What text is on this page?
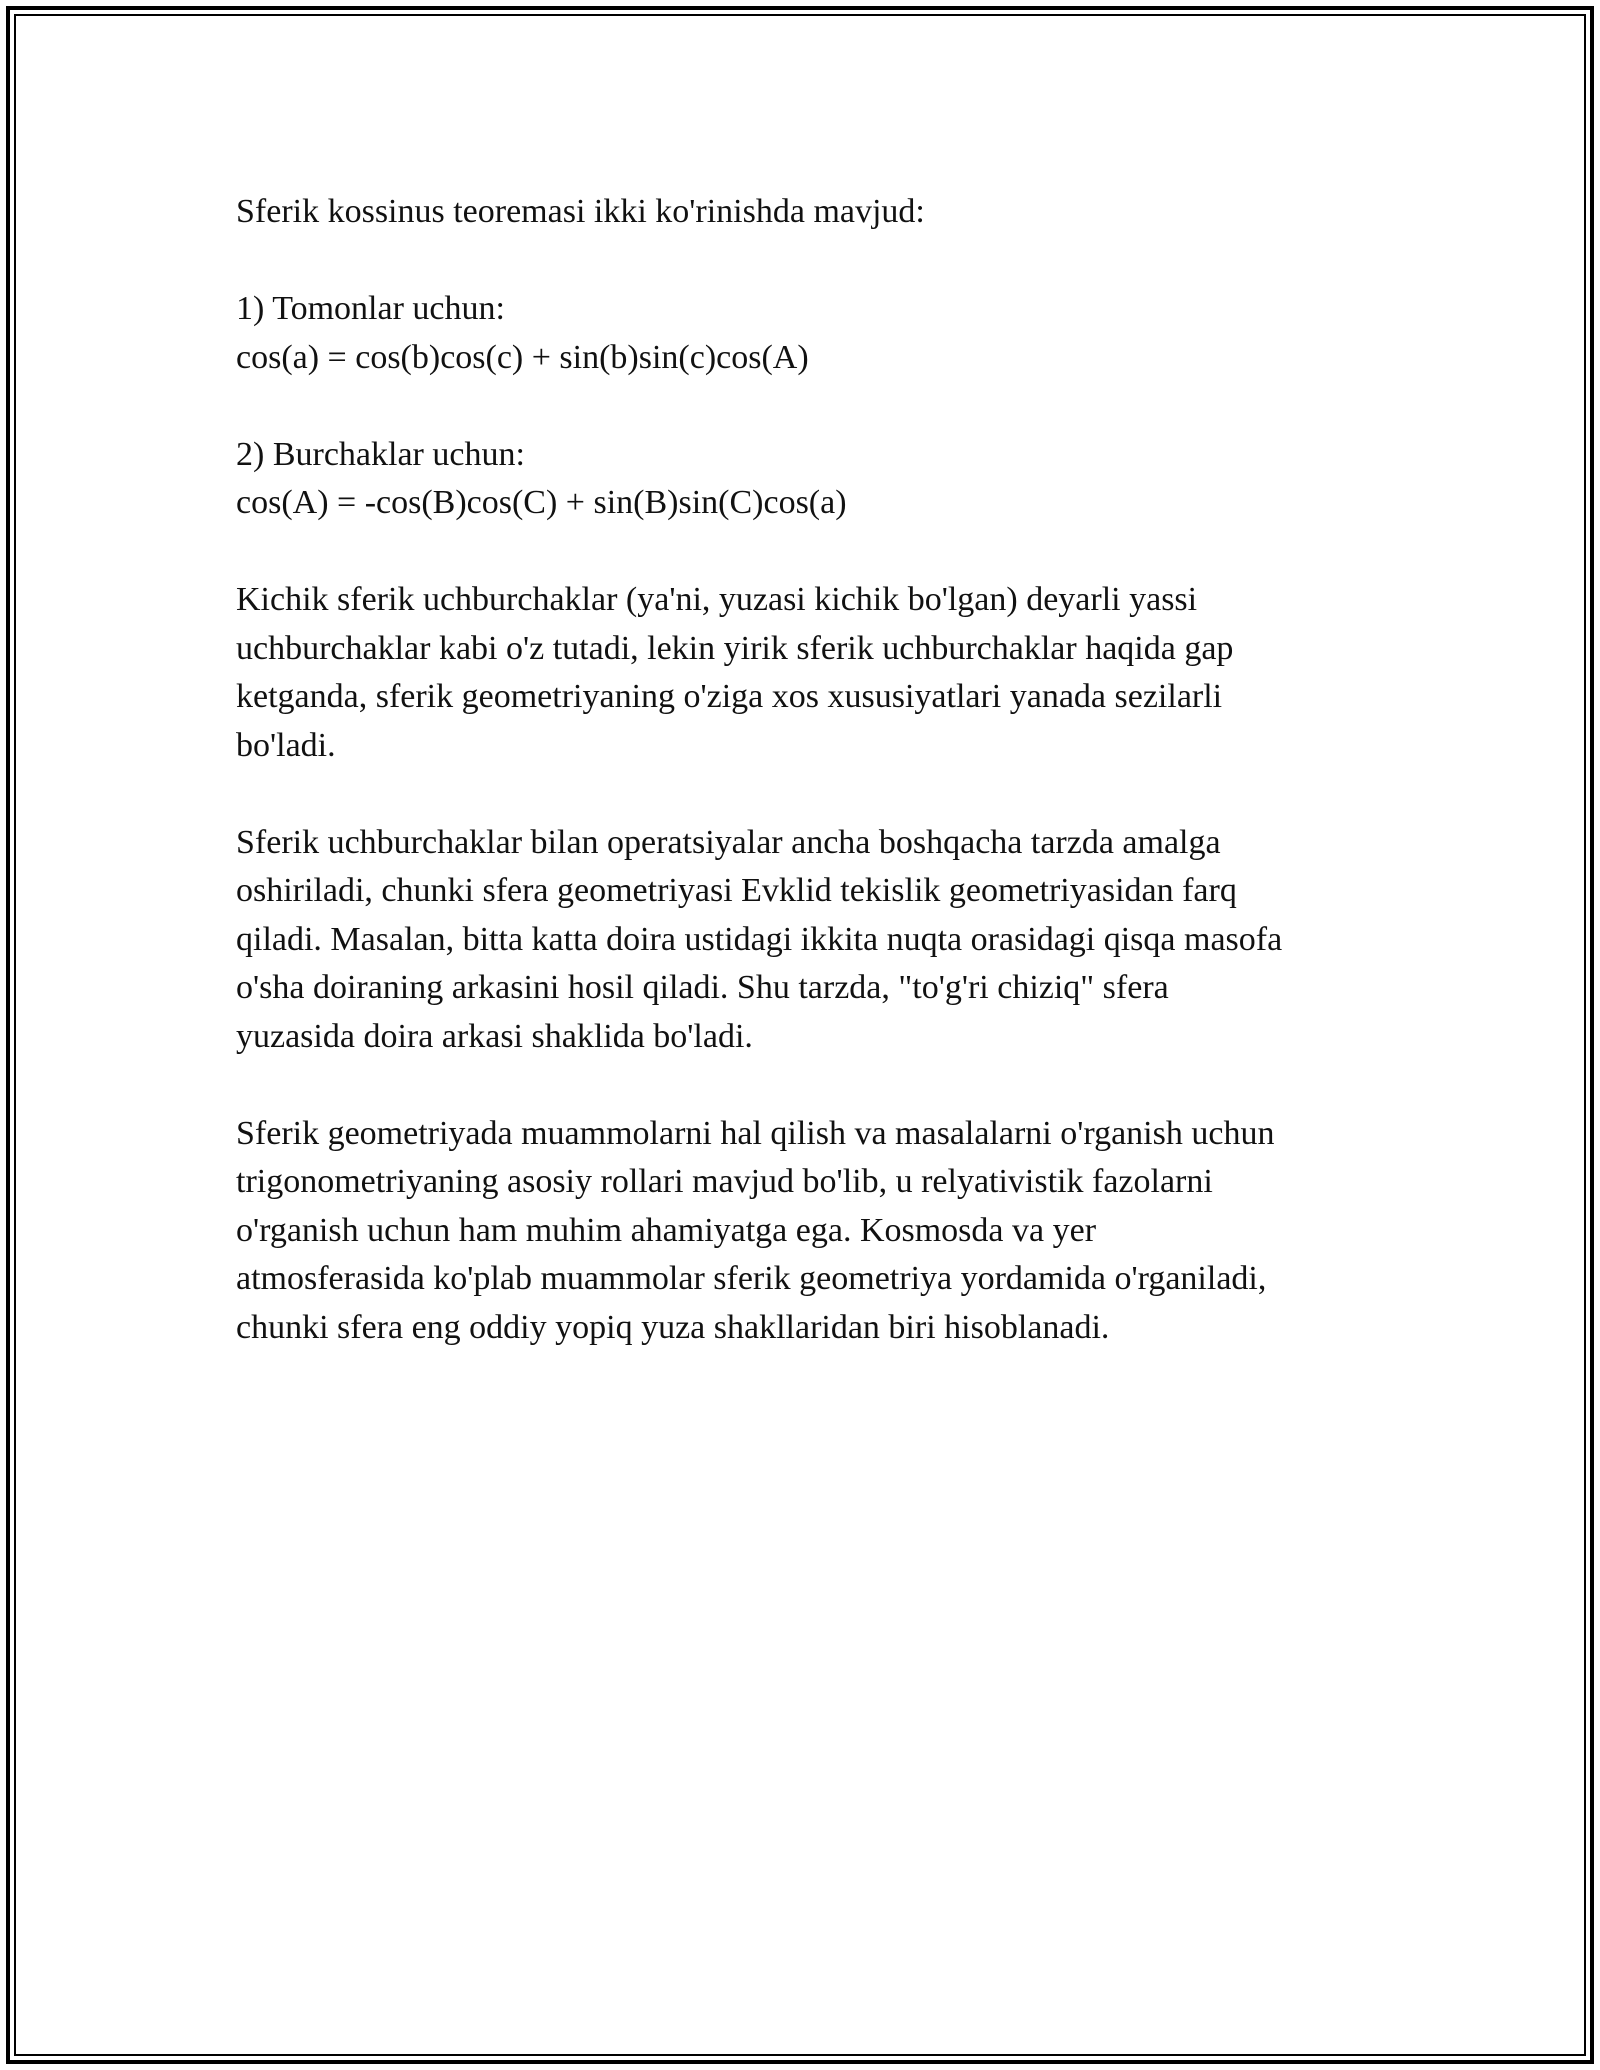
Sferik kossinus teoremasi ikki ko'rinishda mavjud:

1) Tomonlar uchun:
cos(a) = cos(b)cos(c) + sin(b)sin(c)cos(A)

2) Burchaklar uchun:
cos(A) = -cos(B)cos(C) + sin(B)sin(C)cos(a)

Kichik sferik uchburchaklar (ya'ni, yuzasi kichik bo'lgan) deyarli yassi
uchburchaklar kabi o'z tutadi, lekin yirik sferik uchburchaklar haqida gap
ketganda, sferik geometriyaning o'ziga xos xususiyatlari yanada sezilarli
bo'ladi.

Sferik uchburchaklar bilan operatsiyalar ancha boshqacha tarzda amalga
oshiriladi, chunki sfera geometriyasi Evklid tekislik geometriyasidan farq
qiladi. Masalan, bitta katta doira ustidagi ikkita nuqta orasidagi qisqa masofa
o'sha doiraning arkasini hosil qiladi. Shu tarzda, "to'g'ri chiziq" sfera
yuzasida doira arkasi shaklida bo'ladi.

Sferik geometriyada muammolarni hal qilish va masalalarni o'rganish uchun
trigonometriyaning asosiy rollari mavjud bo'lib, u relyativistik fazolarni
o'rganish uchun ham muhim ahamiyatga ega. Kosmosda va yer
atmosferasida ko'plab muammolar sferik geometriya yordamida o'rganiladi,
chunki sfera eng oddiy yopiq yuza shakllaridan biri hisoblanadi.
